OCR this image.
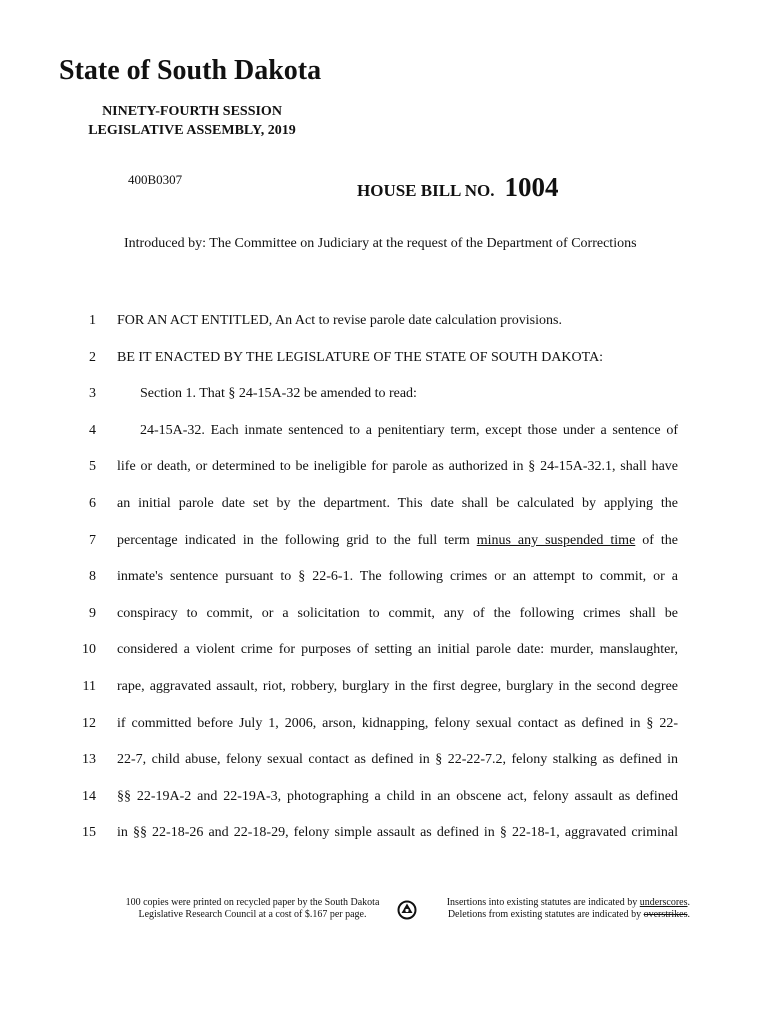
State of South Dakota
NINETY-FOURTH SESSION
LEGISLATIVE ASSEMBLY, 2019
400B0307
HOUSE BILL NO. 1004
Introduced by: The Committee on Judiciary at the request of the Department of Corrections
1 FOR AN ACT ENTITLED, An Act to revise parole date calculation provisions.
2 BE IT ENACTED BY THE LEGISLATURE OF THE STATE OF SOUTH DAKOTA:
3	Section 1. That § 24-15A-32 be amended to read:
4	24-15A-32. Each inmate sentenced to a penitentiary term, except those under a sentence of
5 life or death, or determined to be ineligible for parole as authorized in § 24-15A-32.1, shall have
6 an initial parole date set by the department. This date shall be calculated by applying the
7 percentage indicated in the following grid to the full term minus any suspended time of the
8 inmate's sentence pursuant to § 22-6-1. The following crimes or an attempt to commit, or a
9 conspiracy to commit, or a solicitation to commit, any of the following crimes shall be
10 considered a violent crime for purposes of setting an initial parole date: murder, manslaughter,
11 rape, aggravated assault, riot, robbery, burglary in the first degree, burglary in the second degree
12 if committed before July 1, 2006, arson, kidnapping, felony sexual contact as defined in § 22-
13 22-7, child abuse, felony sexual contact as defined in § 22-22-7.2, felony stalking as defined in
14 §§ 22-19A-2 and 22-19A-3, photographing a child in an obscene act, felony assault as defined
15 in §§ 22-18-26 and 22-18-29, felony simple assault as defined in § 22-18-1, aggravated criminal
100 copies were printed on recycled paper by the South Dakota
Legislative Research Council at a cost of $.167 per page.
Insertions into existing statutes are indicated by underscores.
Deletions from existing statutes are indicated by overstrikes.
